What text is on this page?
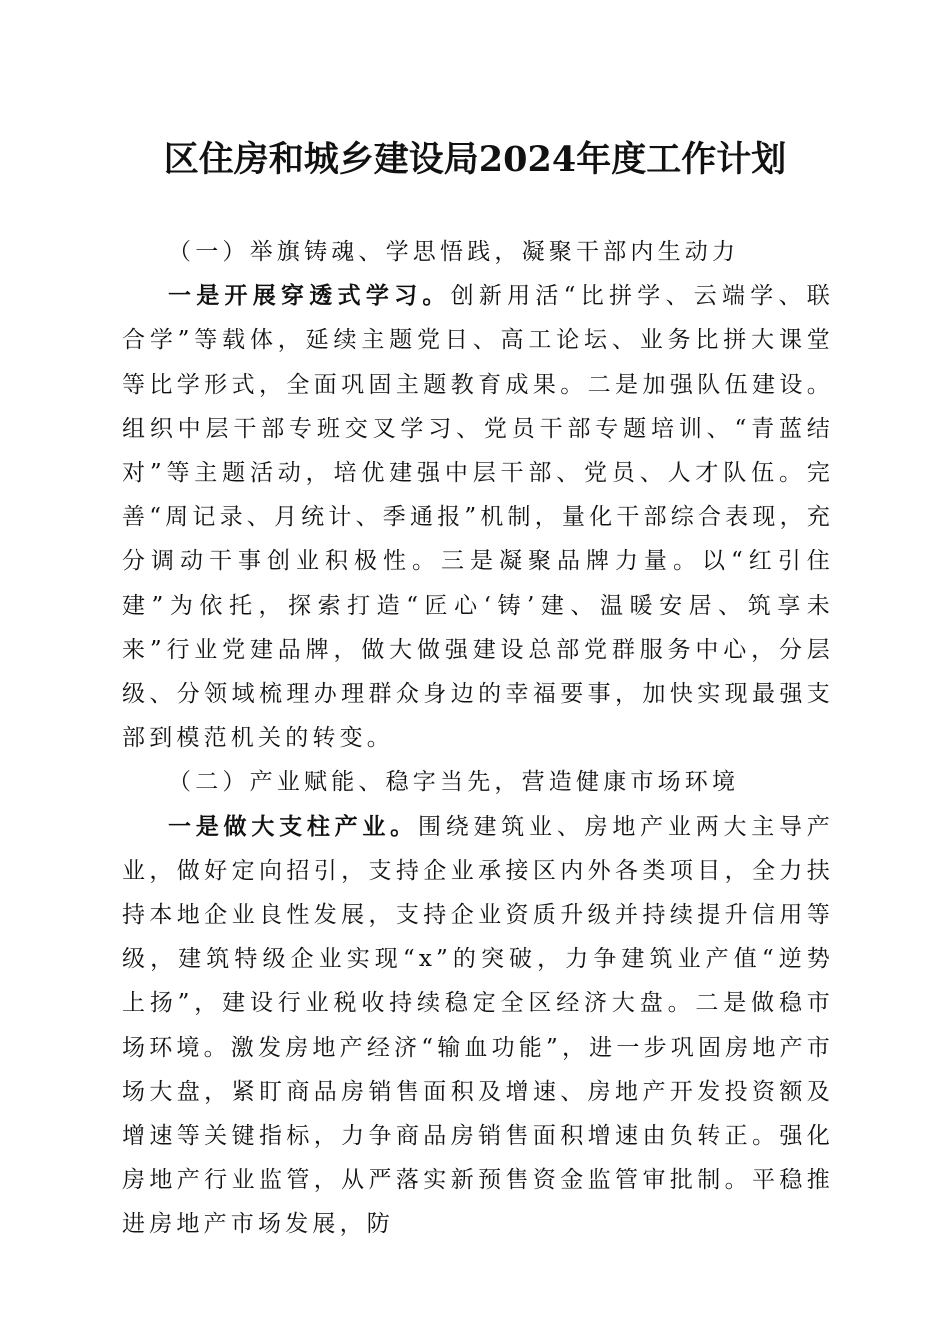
区住房和城乡建设局2024年度工作计划

（一）举旗铸魂、学思悟践，凝聚干部内生动力

一是开展穿透式学习。创新用活“比拼学、云端学、联合学”等载体，延续主题党日、高工论坛、业务比拼大课堂等比学形式，全面巩固主题教育成果。二是加强队伍建设。组织中层干部专班交叉学习、党员干部专题培训、“青蓝结对”等主题活动，培优建强中层干部、党员、人才队伍。完善“周记录、月统计、季通报”机制，量化干部综合表现，充分调动干事创业积极性。三是凝聚品牌力量。以“红引住建”为依托，探索打造“匠心‘铸’建、温暖安居、筑享未来”行业党建品牌，做大做强建设总部党群服务中心，分层级、分领域梳理办理群众身边的幸福要事，加快实现最强支部到模范机关的转变。

（二）产业赋能、稳字当先，营造健康市场环境

一是做大支柱产业。围绕建筑业、房地产业两大主导产业，做好定向招引，支持企业承接区内外各类项目，全力扶持本地企业良性发展，支持企业资质升级并持续提升信用等级，建筑特级企业实现“x”的突破，力争建筑业产值“逆势上扬”，建设行业税收持续稳定全区经济大盘。二是做稳市场环境。激发房地产经济“输血功能”，进一步巩固房地产市场大盘，紧盯商品房销售面积及增速、房地产开发投资额及增速等关键指标，力争商品房销售面积增速由负转正。强化房地产行业监管，从严落实新预售资金监管审批制。平稳推进房地产市场发展，防
